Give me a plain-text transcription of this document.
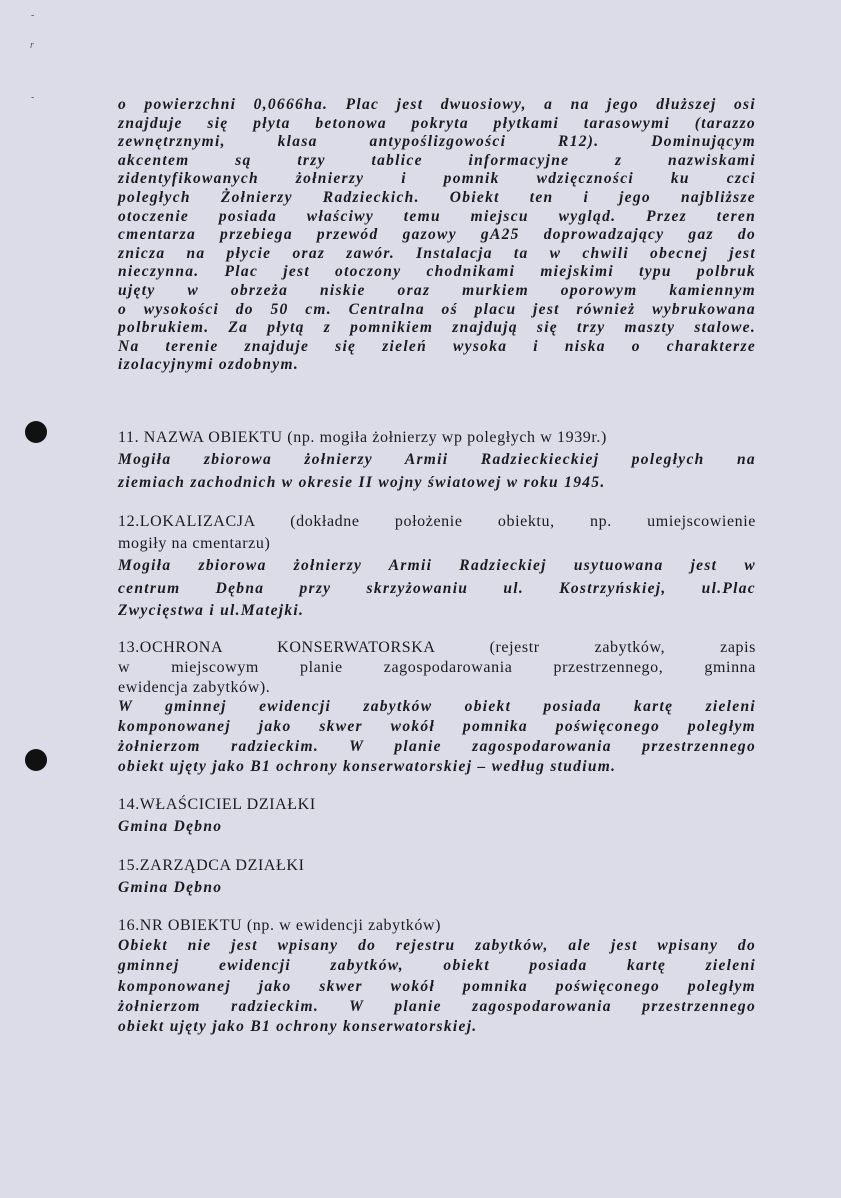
-
r
-	o powierzchni 0,0666ha. Plac jest dwuosiowy, a na jego dłuższej osi
znajduje się płyta betonowa pokryta płytkami tarasowymi (tarazzo
zewnętrznymi, klasa antypoślizgowości R12). Dominującym
akcentem są trzy tablice informacyjne z nazwiskami
zidentyfikowanych żołnierzy i pomnik wdzięczności ku czci
poległych Żołnierzy Radzieckich. Obiekt ten i jego najbliższe
otoczenie posiada właściwy temu miejscu wygląd. Przez teren
cmentarza przebiega przewód gazowy gA25 doprowadzający gaz do
znicza na płycie oraz zawór. Instalacja ta w chwili obecnej jest
nieczynna. Plac jest otoczony chodnikami miejskimi typu polbruk
ujęty w obrzeża niskie oraz murkiem oporowym kamiennym
o wysokości do 50 cm. Centralna oś placu jest również wybrukowana
polbrukiem. Za płytą z pomnikiem znajdują się trzy maszty stalowe.
Na terenie znajduje się zieleń wysoka i niska o charakterze
izolacyjnymi ozdobnym.
11. NAZWA OBIEKTU (np. mogiła żołnierzy wp poległych w 1939r.)
Mogiła zbiorowa żołnierzy Armii Radzieckieckiej poległych na
ziemiach zachodnich w okresie II wojny światowej w roku 1945.
12.LOKALIZACJA (dokładne położenie obiektu, np. umiejscowienie
mogiły na cmentarzu)
Mogiła zbiorowa żołnierzy Armii Radzieckiej usytuowana jest w
centrum Dębna przy skrzyżowaniu ul. Kostrzyńskiej, ul.Plac
Zwycięstwa i ul.Matejki.
13.OCHRONA KONSERWATORSKA (rejestr zabytków, zapis
w miejscowym planie zagospodarowania przestrzennego, gminna
ewidencja zabytków).
W gminnej ewidencji zabytków obiekt posiada kartę zieleni
komponowanej jako skwer wokół pomnika poświęconego poległym
żołnierzom radzieckim. W planie zagospodarowania przestrzennego
obiekt ujęty jako B1 ochrony konserwatorskiej – według studium.
14.WŁAŚCICIEL DZIAŁKI
Gmina Dębno
15.ZARZĄDCA DZIAŁKI
Gmina Dębno
16.NR OBIEKTU (np. w ewidencji zabytków)
Obiekt nie jest wpisany do rejestru zabytków, ale jest wpisany do
gminnej ewidencji zabytków, obiekt posiada kartę zieleni
komponowanej jako skwer wokół pomnika poświęconego poległym
żołnierzom radzieckim. W planie zagospodarowania przestrzennego
obiekt ujęty jako B1 ochrony konserwatorskiej.
